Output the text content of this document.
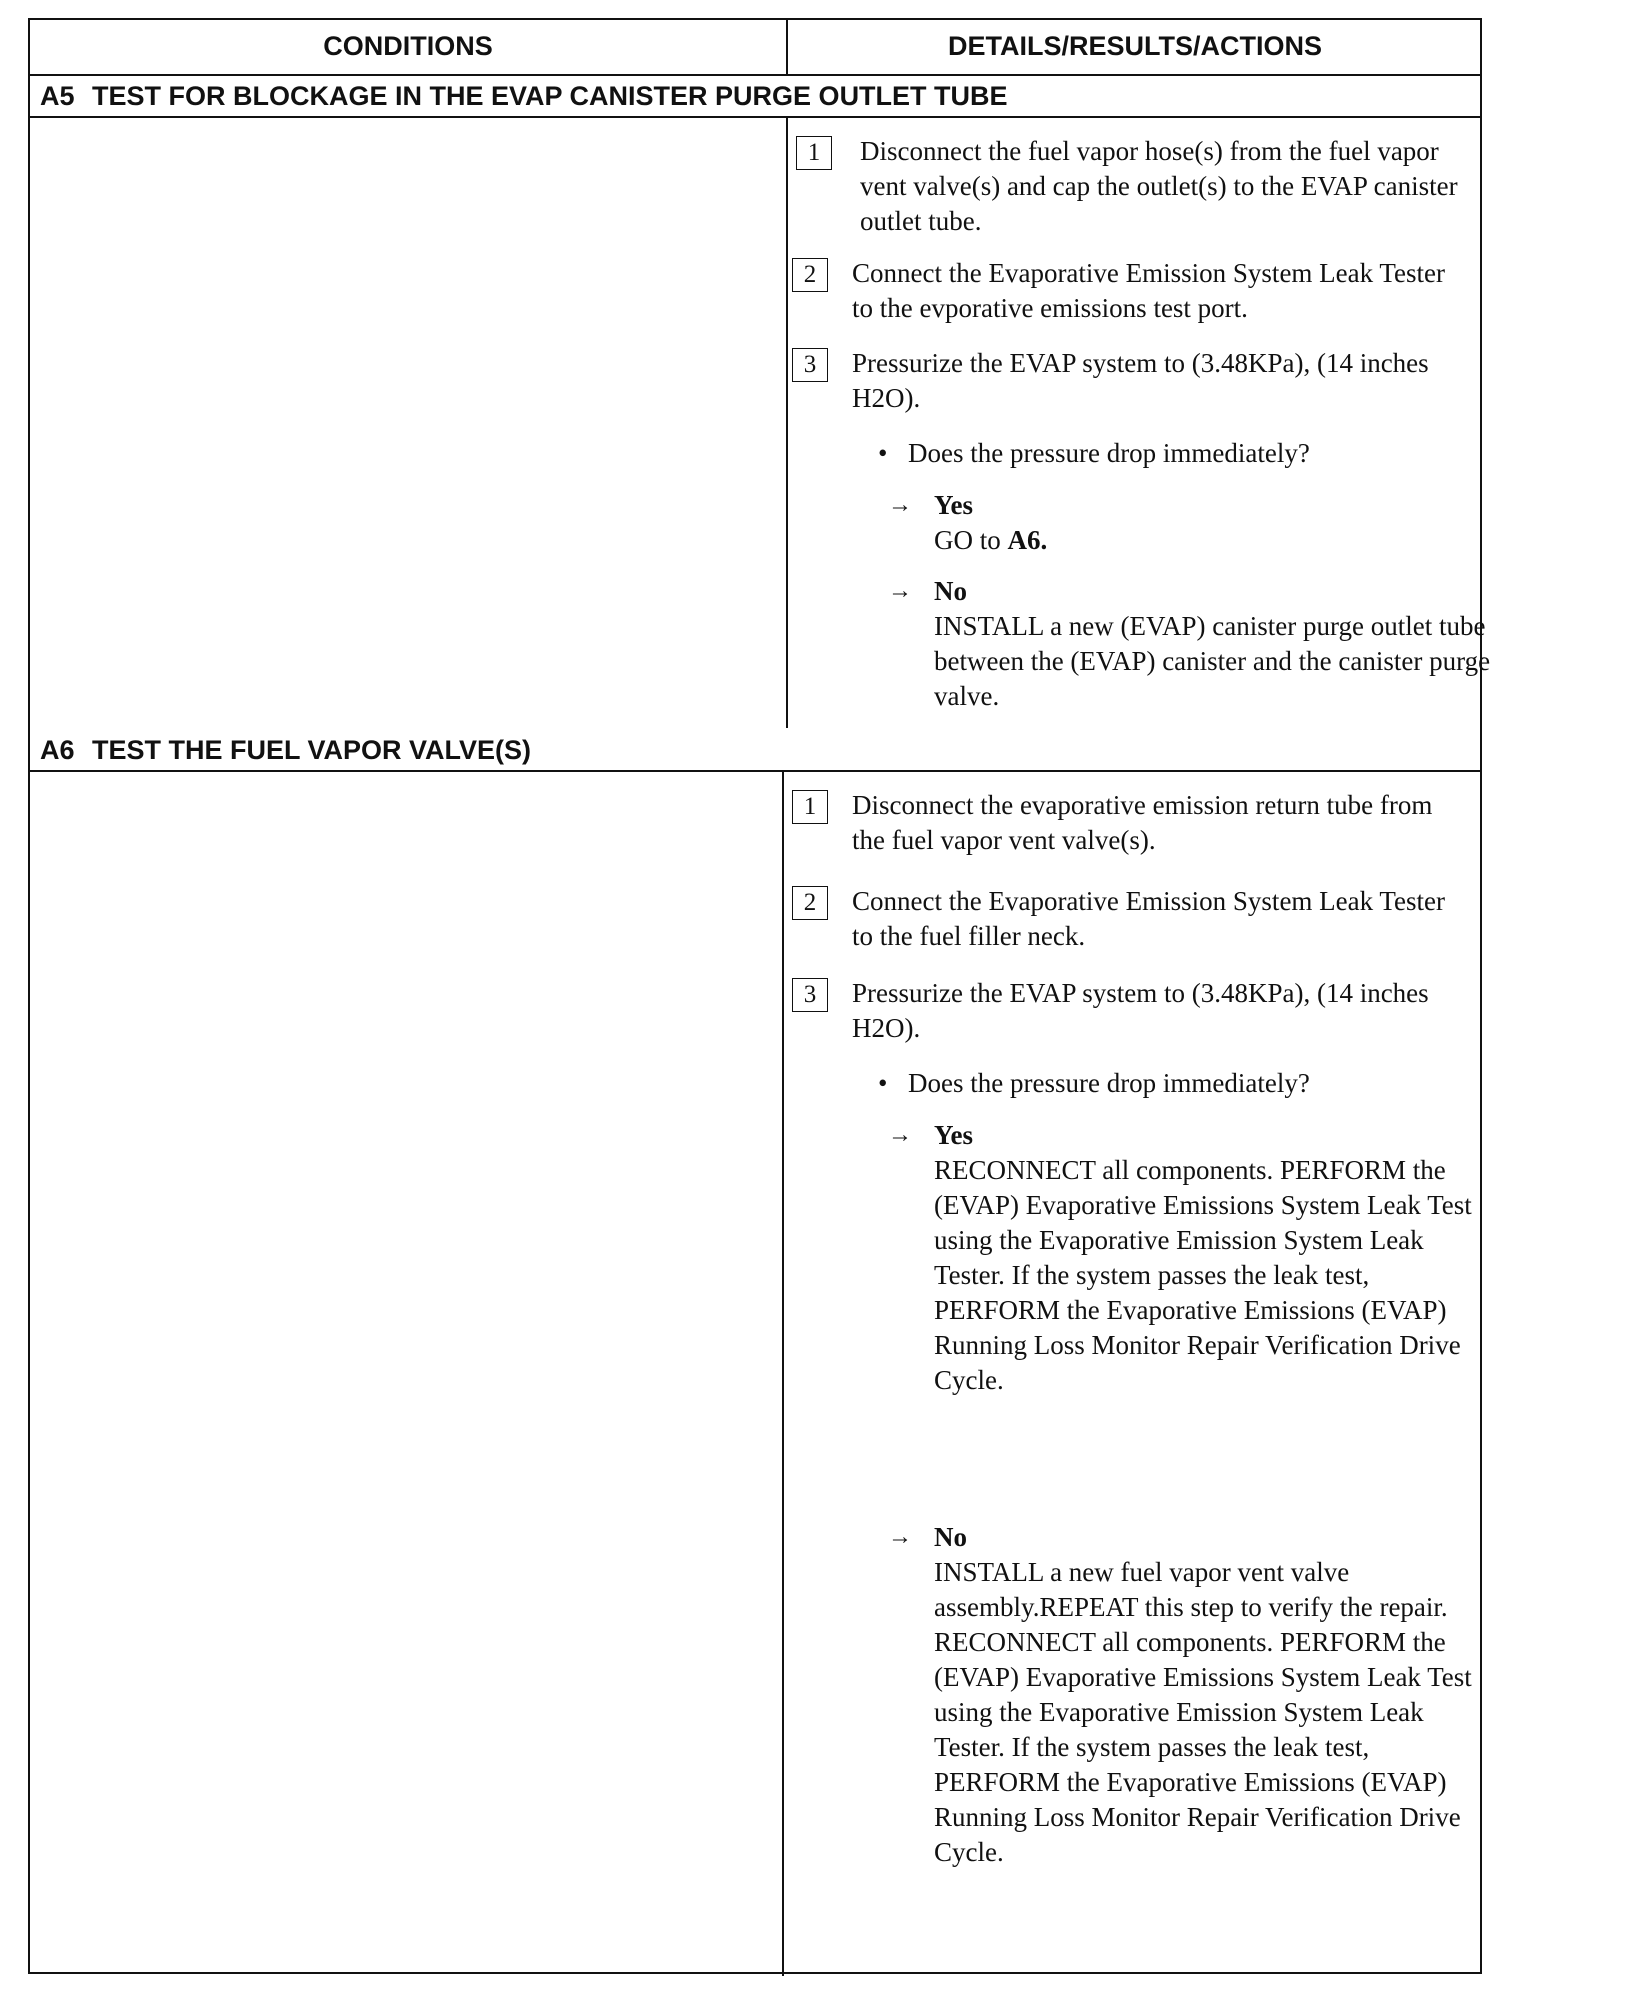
CONDITIONS	DETAILS/RESULTS/ACTIONS
A5 TEST FOR BLOCKAGE IN THE EVAP CANISTER PURGE OUTLET TUBE
1	Disconnect the fuel vapor hose(s) from the fuel vapor vent valve(s) and cap the outlet(s) to the EVAP canister outlet tube.
2	Connect the Evaporative Emission System Leak Tester to the evporative emissions test port.
3	Pressurize the EVAP system to (3.48KPa), (14 inches H2O).
• Does the pressure drop immediately?
→ Yes
GO to A6.
→ No
INSTALL a new (EVAP) canister purge outlet tube between the (EVAP) canister and the canister purge valve.
A6 TEST THE FUEL VAPOR VALVE(S)
1	Disconnect the evaporative emission return tube from the fuel vapor vent valve(s).
2	Connect the Evaporative Emission System Leak Tester to the fuel filler neck.
3	Pressurize the EVAP system to (3.48KPa), (14 inches H2O).
• Does the pressure drop immediately?
→ Yes
RECONNECT all components. PERFORM the (EVAP) Evaporative Emissions System Leak Test using the Evaporative Emission System Leak Tester. If the system passes the leak test, PERFORM the Evaporative Emissions (EVAP) Running Loss Monitor Repair Verification Drive Cycle.
→ No
INSTALL a new fuel vapor vent valve assembly.REPEAT this step to verify the repair. RECONNECT all components. PERFORM the (EVAP) Evaporative Emissions System Leak Test using the Evaporative Emission System Leak Tester. If the system passes the leak test, PERFORM the Evaporative Emissions (EVAP) Running Loss Monitor Repair Verification Drive Cycle.
